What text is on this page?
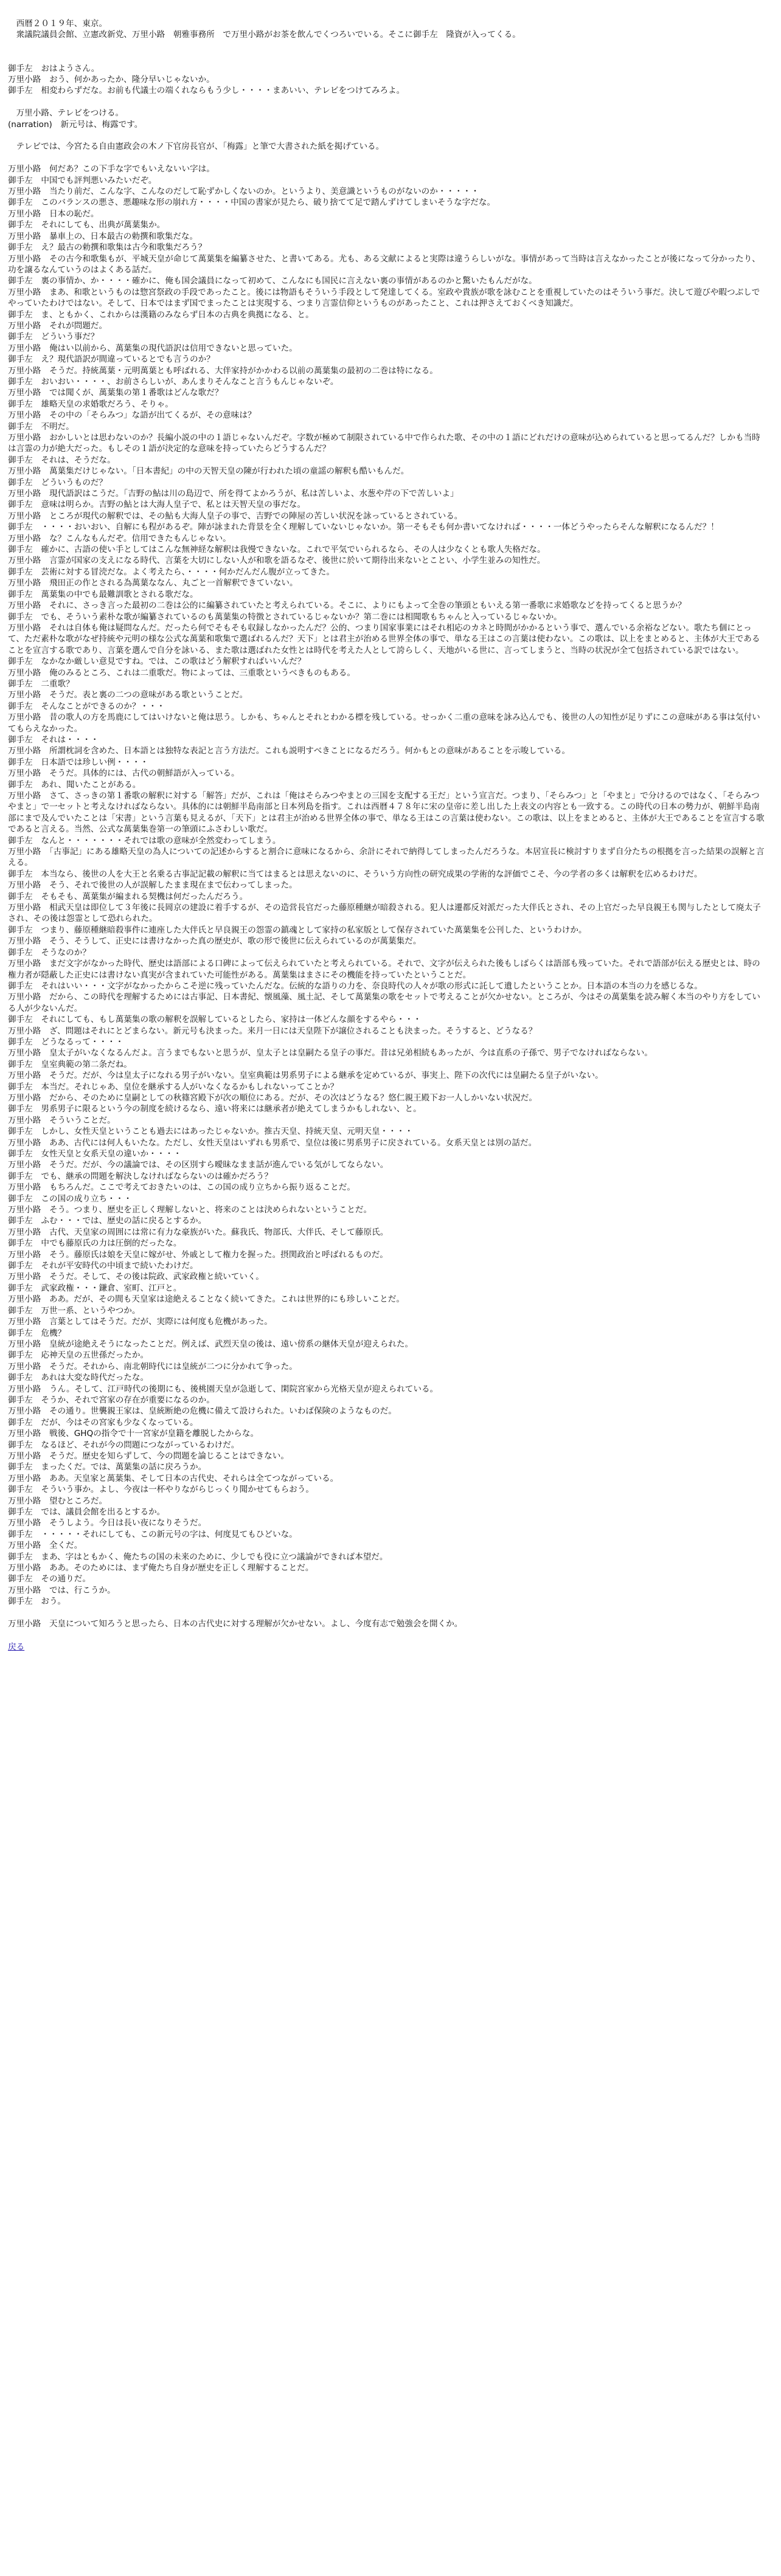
　西暦２０１９年、東京。

　衆議院議員会館、立憲改新党、万里小路　朝雅事務所　で万里小路がお茶を飲んでくつろいでいる。そこに御手左　隆資が入ってくる。

御手左　おはようさん。

万里小路　おう、何かあったか、隆分早いじゃないか。

御手左　相変わらずだな。お前も代議士の端くれならもう少し・・・・まあいい、テレビをつけてみろよ。

　万里小路、テレビをつける。

(narration)　新元号は、梅露です。

　テレビでは、今宮たる自由憲政会の木ノ下官房長官が、「梅露」と筆で大書された紙を掲げている。

万里小路　何だあ？この下手な字でもいえないい字は。

御手左　中国でも評判悪いみたいだぞ。

万里小路　当たり前だ、こんな字、こんなのだして恥ずかしくないのか。というより、美意識というものがないのか・・・・・

御手左　このバランスの悪さ、悪趣味な形の崩れ方・・・・中国の書家が見たら、破り捨てて足で踏んずけてしまいそうな字だな。

万里小路　日本の恥だ。

御手左　それにしても、出典が萬葉集か。

万里小路　暴車上の、日本最古の勅撰和歌集だな。

御手左　え？最古の勅撰和歌集は古今和歌集だろう？

万里小路　その古今和歌集もが、平城天皇が命じて萬葉集を編纂させた、と書いてある。尤も、ある文献によると実際は違うらしいがな。事情があって当時は言えなかったことが後になって分かったり、功を譲るなんていうのはよくある話だ。

御手左　裏の事情か、か・・・・確かに、俺も国会議員になって初めて、こんなにも国民に言えない裏の事情があるのかと驚いたもんだがな。

万里小路　まあ、和歌というものは惣宮祭政の手段であったこと。後には物語もそういう手段として発達してくる。室政や貴族が歌を詠むことを重視していたのはそういう事だ。決して遊びや暇つぶしでやっていたわけではない。そして、日本ではまず国でまったことは実現する、つまり言霊信仰というものがあったこと、これは押さえておくべき知識だ。

御手左　ま、ともかく、これからは漢籍のみならず日本の古典を典拠になる、と。

万里小路　それが問題だ。

御手左　どういう事だ？

万里小路　俺はい以前から、萬葉集の現代語訳は信用できないと思っていた。

御手左　え？現代語訳が間違っているとでも言うのか？

万里小路　そうだ。持統萬葉・元明萬葉とも呼ばれる、大伴家持がかかわる以前の萬葉集の最初の二巻は特になる。

御手左　おいおい・・・・、お前さらしいが、あんまりそんなこと言うもんじゃないぞ。

万里小路　では聞くが、萬葉集の第１番歌はどんな歌だ？

御手左　雄略天皇の求婚歌だろう、そりゃ。

万里小路　その中の「そらみつ」な語が出てくるが、その意味は？

御手左　不明だ。

万里小路　おかしいとは思わないのか？長編小説の中の１語じゃないんだぞ。字数が極めて制限されている中で作られた歌、その中の１語にどれだけの意味が込められていると思ってるんだ？しかも当時は言霊の力が絶大だった。もしその１語が決定的な意味を持っていたらどうするんだ？

御手左　それは、そうだな。

万里小路　萬葉集だけじゃない。「日本書紀」の中の天智天皇の陳が行われた頃の童謡の解釈も酷いもんだ。

御手左　どういうものだ？

万里小路　現代語訳はこうだ。「吉野の鮎は川の島辺で、所を得てよかろうが、私は苦しいよ、水葱や芹の下で苦しいよ」

御手左　意味は明らか。吉野の鮎とは大海人皇子で、私とは天智天皇の事だな。

万里小路　ところが現代の解釈では、その鮎も大海人皇子の事で、吉野での陣屋の苦しい状況を詠っているとされている。

御手左　・・・・おいおい、自解にも程があるぞ。陣が詠まれた背景を全く理解していないじゃないか。第一そもそも何か書いてなければ・・・・一体どうやったらそんな解釈になるんだ？！

万里小路　な？こんなもんだぞ。信用できたもんじゃない。

御手左　確かに、古語の使い手としてはこんな無神経な解釈は我慢できないな。これで平気でいられるなら、その人は少なくとも歌人失格だな。

万里小路　言霊が国家の支えになる時代、言葉を大切にしない人が和歌を語るなぞ、後世に於いて期待出来ないとことい、小学生並みの知性だ。

御手左　芸術に対する冒涜だな。よく考えたら、・・・・何かだんだん腹が立ってきた。

万里小路　飛田正の作とされる為萬葉ななん、丸ごと一首解釈できていない。

御手左　萬葉集の中でも最難訓歌とされる歌だな。

万里小路　それに、さっき言った最初の二巻は公的に編纂されていたと考えられている。そこに、よりにもよって全巻の筆頭ともいえる第一番歌に求婚歌などを持ってくると思うか？

御手左　でも、そういう素朴な歌が編纂されているのも萬葉集の特徴とされているじゃないか？第二巻には相聞歌もちゃんと入っているじゃないか。

万里小路　それは自体も俺は疑問なんだ。だったら何でそもそも収録しなかったんだ？公的、つまり国家事業にはそれ相応のカネと時間がかかるという事で、選んでいる余裕などない。歌たち個にとって、ただ素朴な歌がなぜ持統や元明の様な公式な萬葉和歌集で選ばれるんだ？天下」とは君主が治める世界全体の事で、単なる王はこの言葉は使わない。この歌は、以上をまとめると、主体が大王であることを宣言する歌であり、言葉を選んで自分を詠いる、また歌は選ばれた女性とは時代を考えた人として誇らしく、天地がいる世に、言ってしまうと、当時の状況が全て包括されている訳ではない。

御手左　なかなか厳しい意見ですね。では、この歌はどう解釈すればいいんだ？

万里小路　俺のみるところ、これは二重歌だ。物によっては、三重歌というべきものもある。

御手左　二重歌？

万里小路　そうだ。表と裏の二つの意味がある歌ということだ。

御手左　そんなことができるのか？・・・

万里小路　昔の歌人の方を馬鹿にしてはいけないと俺は思う。しかも、ちゃんとそれとわかる標を残している。せっかく二重の意味を詠み込んでも、後世の人の知性が足りずにこの意味がある事は気付いてもらえなかった。

御手左　それは・・・・

万里小路　所謂枕詞を含めた、日本語とは独特な表記と言う方法だ。これも説明すべきことになるだろう。何かもとの意味があることを示唆している。

御手左　日本語では珍しい例・・・・

万里小路　そうだ。具体的には、古代の朝鮮語が入っている。

御手左　あれ、聞いたことがある。

万里小路　さて、さっきの第１番歌の解釈に対する「解答」だが、これは「俺はそらみつやまとの三国を支配する王だ」という宣言だ。つまり、「そらみつ」と「やまと」で分けるのではなく、「そらみつやまと」で一セットと考えなければならない。具体的には朝鮮半島南部と日本列島を指す。これは西暦４７８年に宋の皇帝に差し出した上表文の内容とも一致する。この時代の日本の勢力が、朝鮮半島南部にまで及んでいたことは「宋書」という言葉も見えるが、「天下」とは君主が治める世界全体の事で、単なる王はこの言葉は使わない。この歌は、以上をまとめると、主体が大王であることを宣言する歌であると言える。当然、公式な萬葉集巻第一の筆頭にふさわしい歌だ。

御手左　なんと・・・・・・・それでは歌の意味が全然変わってしまう。

万里小路　「古事記」にある雄略天皇の為人についての記述からすると割合に意味になるから、余計にそれで納得してしまったんだろうな。本居宣長に検討すりまず自分たちの根拠を言った結果の誤解と言える。

御手左　本当なら、後世の人を大王と名乗る古事記記載の解釈に当てはまるとは思えないのに、そういう方向性の研究成果の学術的な評価でこそ、今の学者の多くは解釈を広めるわけだ。

万里小路　そう、それで後世の人が誤解したまま現在まで伝わってしまった。

御手左　そもそも、萬葉集が編まれる契機は何だったんだろう。

万里小路　相武天皇は即位して３年後に長岡京の建設に着手するが、その造営長官だった藤原種継が暗殺される。犯人は遷都反対派だった大伴氏とされ、その上官だった早良親王も関与したとして廃太子され、その後は怨霊として恐れられた。

御手左　つまり、藤原種継暗殺事件に連座した大伴氏と早良親王の怨霊の鎮魂として家持の私家版として保存されていた萬葉集を公刊した、というわけか。

万里小路　そう、そうして、正史には書けなかった真の歴史が、歌の形で後世に伝えられているのが萬葉集だ。

御手左　そうなのか？

万里小路　まだ文字がなかった時代、歴史は語部による口碑によって伝えられていたと考えられている。それで、文字が伝えられた後もしばらくは語部も残っていた。それで語部が伝える歴史とは、時の権力者が隠蔽した正史には書けない真実が含まれていた可能性がある。萬葉集はまさにその機能を持っていたということだ。

御手左　それはいい・・・文字がなかったからこそ逆に残っていたんだな。伝統的な語りの力を、奈良時代の人々が歌の形式に託して遺したということか。日本語の本当の力を感じるな。

万里小路　だから、この時代を理解するためには古事記、日本書紀、懐風藻、風土記、そして萬葉集の歌をセットで考えることが欠かせない。ところが、今はその萬葉集を読み解く本当のやり方をしている人が少ないんだ。

御手左　それにしても、もし萬葉集の歌の解釈を誤解しているとしたら、家持は一体どんな顔をするやら・・・

万里小路　ざ、問題はそれにとどまらない。新元号も決まった。来月一日には天皇陛下が譲位されることも決まった。そうすると、どうなる？

御手左　どうなるって・・・・

万里小路　皇太子がいなくなるんだよ。言うまでもないと思うが、皇太子とは皇嗣たる皇子の事だ。昔は兄弟相続もあったが、今は直系の子孫で、男子でなければならない。

御手左　皇室典範の第二条だね。

万里小路　そうだ。だが、今は皇太子になれる男子がいない。皇室典範は男系男子による継承を定めているが、事実上、陛下の次代には皇嗣たる皇子がいない。

御手左　本当だ。それじゃあ、皇位を継承する人がいなくなるかもしれないってことか？

万里小路　だから、そのために皇嗣としての秋篠宮殿下が次の順位にある。だが、その次はどうなる？悠仁親王殿下お一人しかいない状況だ。

御手左　男系男子に限るという今の制度を続けるなら、遠い将来には継承者が絶えてしまうかもしれない、と。

万里小路　そういうことだ。

御手左　しかし、女性天皇ということも過去にはあったじゃないか。推古天皇、持統天皇、元明天皇・・・・

万里小路　ああ、古代には何人もいたな。ただし、女性天皇はいずれも男系で、皇位は後に男系男子に戻されている。女系天皇とは別の話だ。

御手左　女性天皇と女系天皇の違いか・・・・

万里小路　そうだ。だが、今の議論では、その区別すら曖昧なまま話が進んでいる気がしてならない。

御手左　でも、継承の問題を解決しなければならないのは確かだろう？

万里小路　もちろんだ。ここで考えておきたいのは、この国の成り立ちから振り返ることだ。

御手左　この国の成り立ち・・・

万里小路　そう。つまり、歴史を正しく理解しないと、将来のことは決められないということだ。

御手左　ふむ・・・では、歴史の話に戻るとするか。

万里小路　古代、天皇家の周囲には常に有力な豪族がいた。蘇我氏、物部氏、大伴氏、そして藤原氏。

御手左　中でも藤原氏の力は圧倒的だったな。

万里小路　そう。藤原氏は娘を天皇に嫁がせ、外戚として権力を握った。摂関政治と呼ばれるものだ。

御手左　それが平安時代の中頃まで続いたわけだ。

万里小路　そうだ。そして、その後は院政、武家政権と続いていく。

御手左　武家政権・・・鎌倉、室町、江戸と。

万里小路　ああ。だが、その間も天皇家は途絶えることなく続いてきた。これは世界的にも珍しいことだ。

御手左　万世一系、というやつか。

万里小路　言葉としてはそうだ。だが、実際には何度も危機があった。

御手左　危機？

万里小路　皇統が途絶えそうになったことだ。例えば、武烈天皇の後は、遠い傍系の継体天皇が迎えられた。

御手左　応神天皇の五世孫だったか。

万里小路　そうだ。それから、南北朝時代には皇統が二つに分かれて争った。

御手左　あれは大変な時代だったな。

万里小路　うん。そして、江戸時代の後期にも、後桃園天皇が急逝して、閑院宮家から光格天皇が迎えられている。

御手左　そうか、それで宮家の存在が重要になるのか。

万里小路　その通り。世襲親王家は、皇統断絶の危機に備えて設けられた。いわば保険のようなものだ。

御手左　だが、今はその宮家も少なくなっている。

万里小路　戦後、GHQの指令で十一宮家が皇籍を離脱したからな。

御手左　なるほど、それが今の問題につながっているわけだ。

万里小路　そうだ。歴史を知らずして、今の問題を論じることはできない。

御手左　まったくだ。では、萬葉集の話に戻ろうか。

万里小路　ああ。天皇家と萬葉集、そして日本の古代史、それらは全てつながっている。

御手左　そういう事か。よし、今夜は一杯やりながらじっくり聞かせてもらおう。

万里小路　望むところだ。

御手左　では、議員会館を出るとするか。

万里小路　そうしよう。今日は長い夜になりそうだ。

御手左　・・・・・それにしても、この新元号の字は、何度見てもひどいな。

万里小路　全くだ。

御手左　まあ、字はともかく、俺たちの国の未来のために、少しでも役に立つ議論ができれば本望だ。

万里小路　ああ。そのためには、まず俺たち自身が歴史を正しく理解することだ。

御手左　その通りだ。

万里小路　では、行こうか。

御手左　おう。

万里小路　天皇について知ろうと思ったら、日本の古代史に対する理解が欠かせない。よし、今度有志で勉強会を開くか。

戻る
